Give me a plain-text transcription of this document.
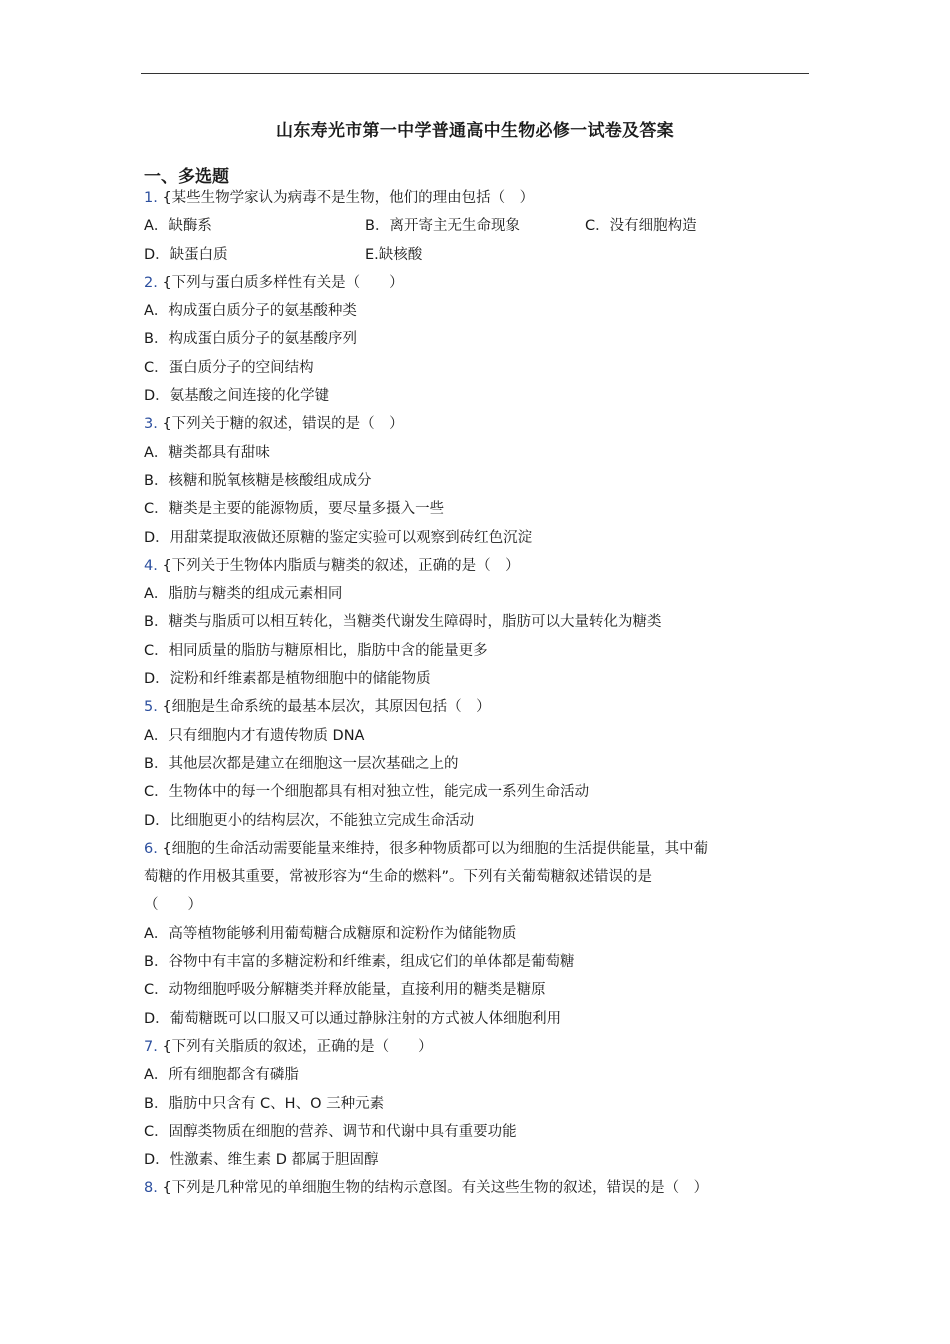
山东寿光市第一中学普通高中生物必修一试卷及答案
一、多选题
1. {某些生物学家认为病毒不是生物，他们的理由包括（　）
A．缺酶系	B．离开寄主无生命现象	C．没有细胞构造
D．缺蛋白质	E.缺核酸
2. {下列与蛋白质多样性有关是（　　）
A．构成蛋白质分子的氨基酸种类
B．构成蛋白质分子的氨基酸序列
C．蛋白质分子的空间结构
D．氨基酸之间连接的化学键
3. {下列关于糖的叙述，错误的是（　）
A．糖类都具有甜味
B．核糖和脱氧核糖是核酸组成成分
C．糖类是主要的能源物质，要尽量多摄入一些
D．用甜菜提取液做还原糖的鉴定实验可以观察到砖红色沉淀
4. {下列关于生物体内脂质与糖类的叙述，正确的是（　）
A．脂肪与糖类的组成元素相同
B．糖类与脂质可以相互转化，当糖类代谢发生障碍时，脂肪可以大量转化为糖类
C．相同质量的脂肪与糖原相比，脂肪中含的能量更多
D．淀粉和纤维素都是植物细胞中的储能物质
5. {细胞是生命系统的最基本层次，其原因包括（　）
A．只有细胞内才有遗传物质 DNA
B．其他层次都是建立在细胞这一层次基础之上的
C．生物体中的每一个细胞都具有相对独立性，能完成一系列生命活动
D．比细胞更小的结构层次，不能独立完成生命活动
6. {细胞的生命活动需要能量来维持，很多种物质都可以为细胞的生活提供能量，其中葡
萄糖的作用极其重要，常被形容为“生命的燃料”。下列有关葡萄糖叙述错误的是
（　　）
A．高等植物能够利用葡萄糖合成糖原和淀粉作为储能物质
B．谷物中有丰富的多糖淀粉和纤维素，组成它们的单体都是葡萄糖
C．动物细胞呼吸分解糖类并释放能量，直接利用的糖类是糖原
D．葡萄糖既可以口服又可以通过静脉注射的方式被人体细胞利用
7. {下列有关脂质的叙述，正确的是（　　）
A．所有细胞都含有磷脂
B．脂肪中只含有 C、H、O 三种元素
C．固醇类物质在细胞的营养、调节和代谢中具有重要功能
D．性激素、维生素 D 都属于胆固醇
8. {下列是几种常见的单细胞生物的结构示意图。有关这些生物的叙述，错误的是（　）
